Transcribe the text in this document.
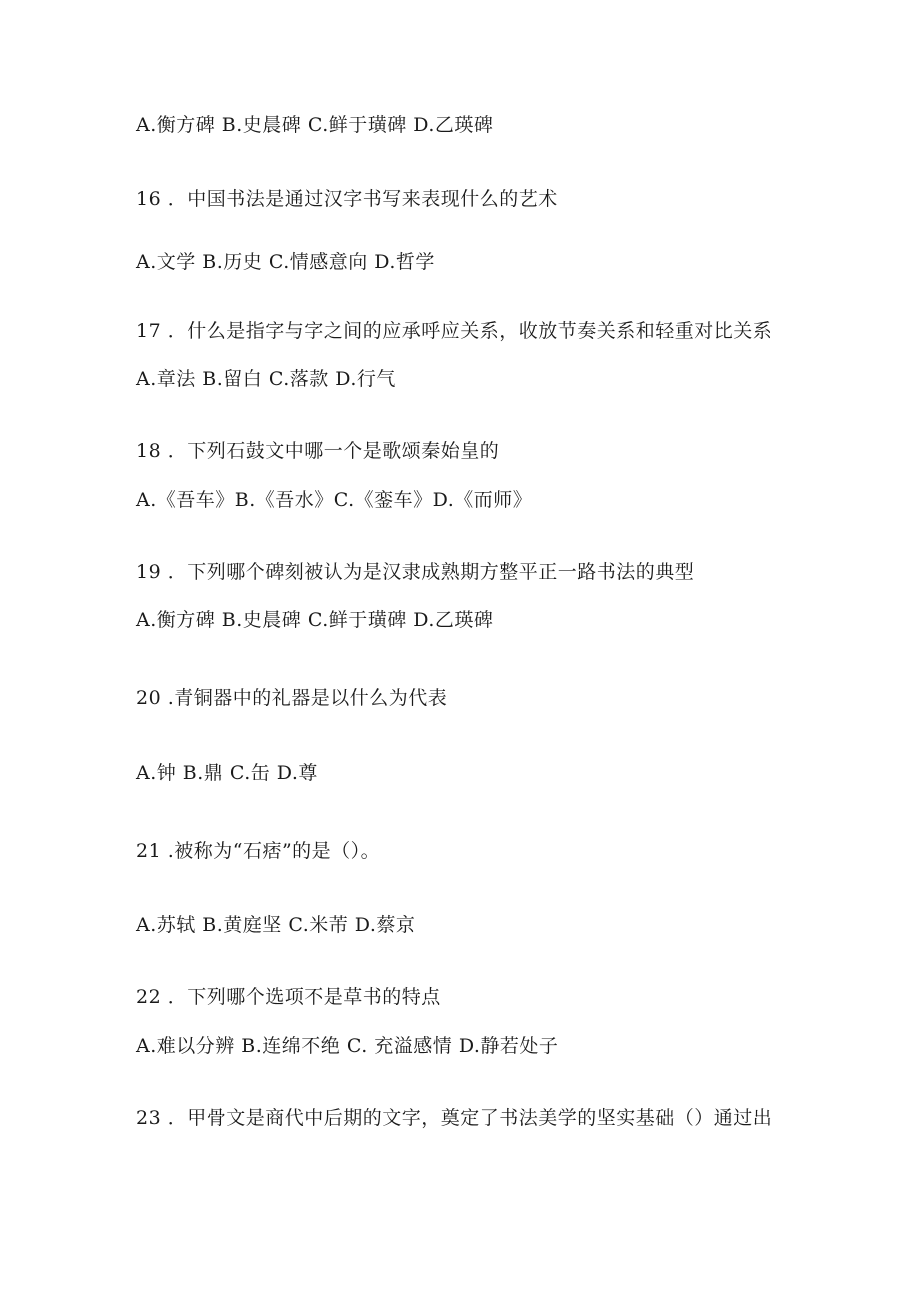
A.衡方碑 B.史晨碑 C.鲜于璜碑 D.乙瑛碑
16 ．中国书法是通过汉字书写来表现什么的艺术
A.文学 B.历史 C.情感意向 D.哲学
17 ．什么是指字与字之间的应承呼应关系，收放节奏关系和轻重对比关系
A.章法 B.留白 C.落款 D.行气
18 ．下列石鼓文中哪一个是歌颂秦始皇的
A.《吾车》B.《吾水》C.《銮车》D.《而师》
19 ．下列哪个碑刻被认为是汉隶成熟期方整平正一路书法的典型
A.衡方碑 B.史晨碑 C.鲜于璜碑 D.乙瑛碑
20 .青铜器中的礼器是以什么为代表
A.钟 B.鼎 C.缶 D.尊
21 .被称为“石痞”的是（）。
A.苏轼 B.黄庭坚 C.米芾 D.蔡京
22 ．下列哪个选项不是草书的特点
A.难以分辨 B.连绵不绝 C. 充溢感情 D.静若处子
23 ．甲骨文是商代中后期的文字，奠定了书法美学的坚实基础（）通过出
